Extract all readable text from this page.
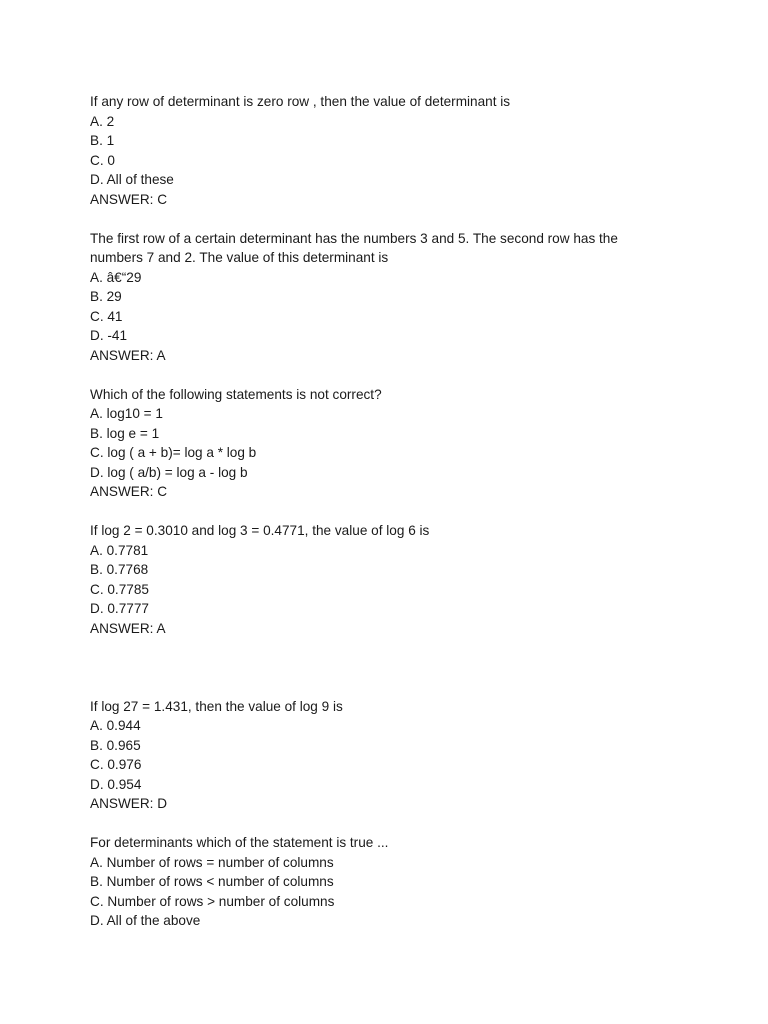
If any row of determinant is zero row , then the value of determinant is
A. 2
B. 1
C. 0
D. All of these
ANSWER: C
The first row of a certain determinant has the numbers 3 and 5. The second row has the
numbers 7 and 2. The value of this determinant is
A. â€“29
B. 29
C. 41
D. -41
ANSWER: A
Which of the following statements is not correct?
A. log10 = 1
B. log e = 1
C. log ( a + b)= log a * log b
D. log ( a/b) = log a - log b
ANSWER: C
If log 2 = 0.3010 and log 3 = 0.4771, the value of log 6 is
A. 0.7781
B. 0.7768
C. 0.7785
D. 0.7777
ANSWER: A
If log 27 = 1.431, then the value of log 9 is
A. 0.944
B. 0.965
C. 0.976
D. 0.954
ANSWER: D
For determinants which of the statement is true ...
A. Number of rows = number of columns
B. Number of rows < number of columns
C. Number of rows > number of columns
D. All of the above
